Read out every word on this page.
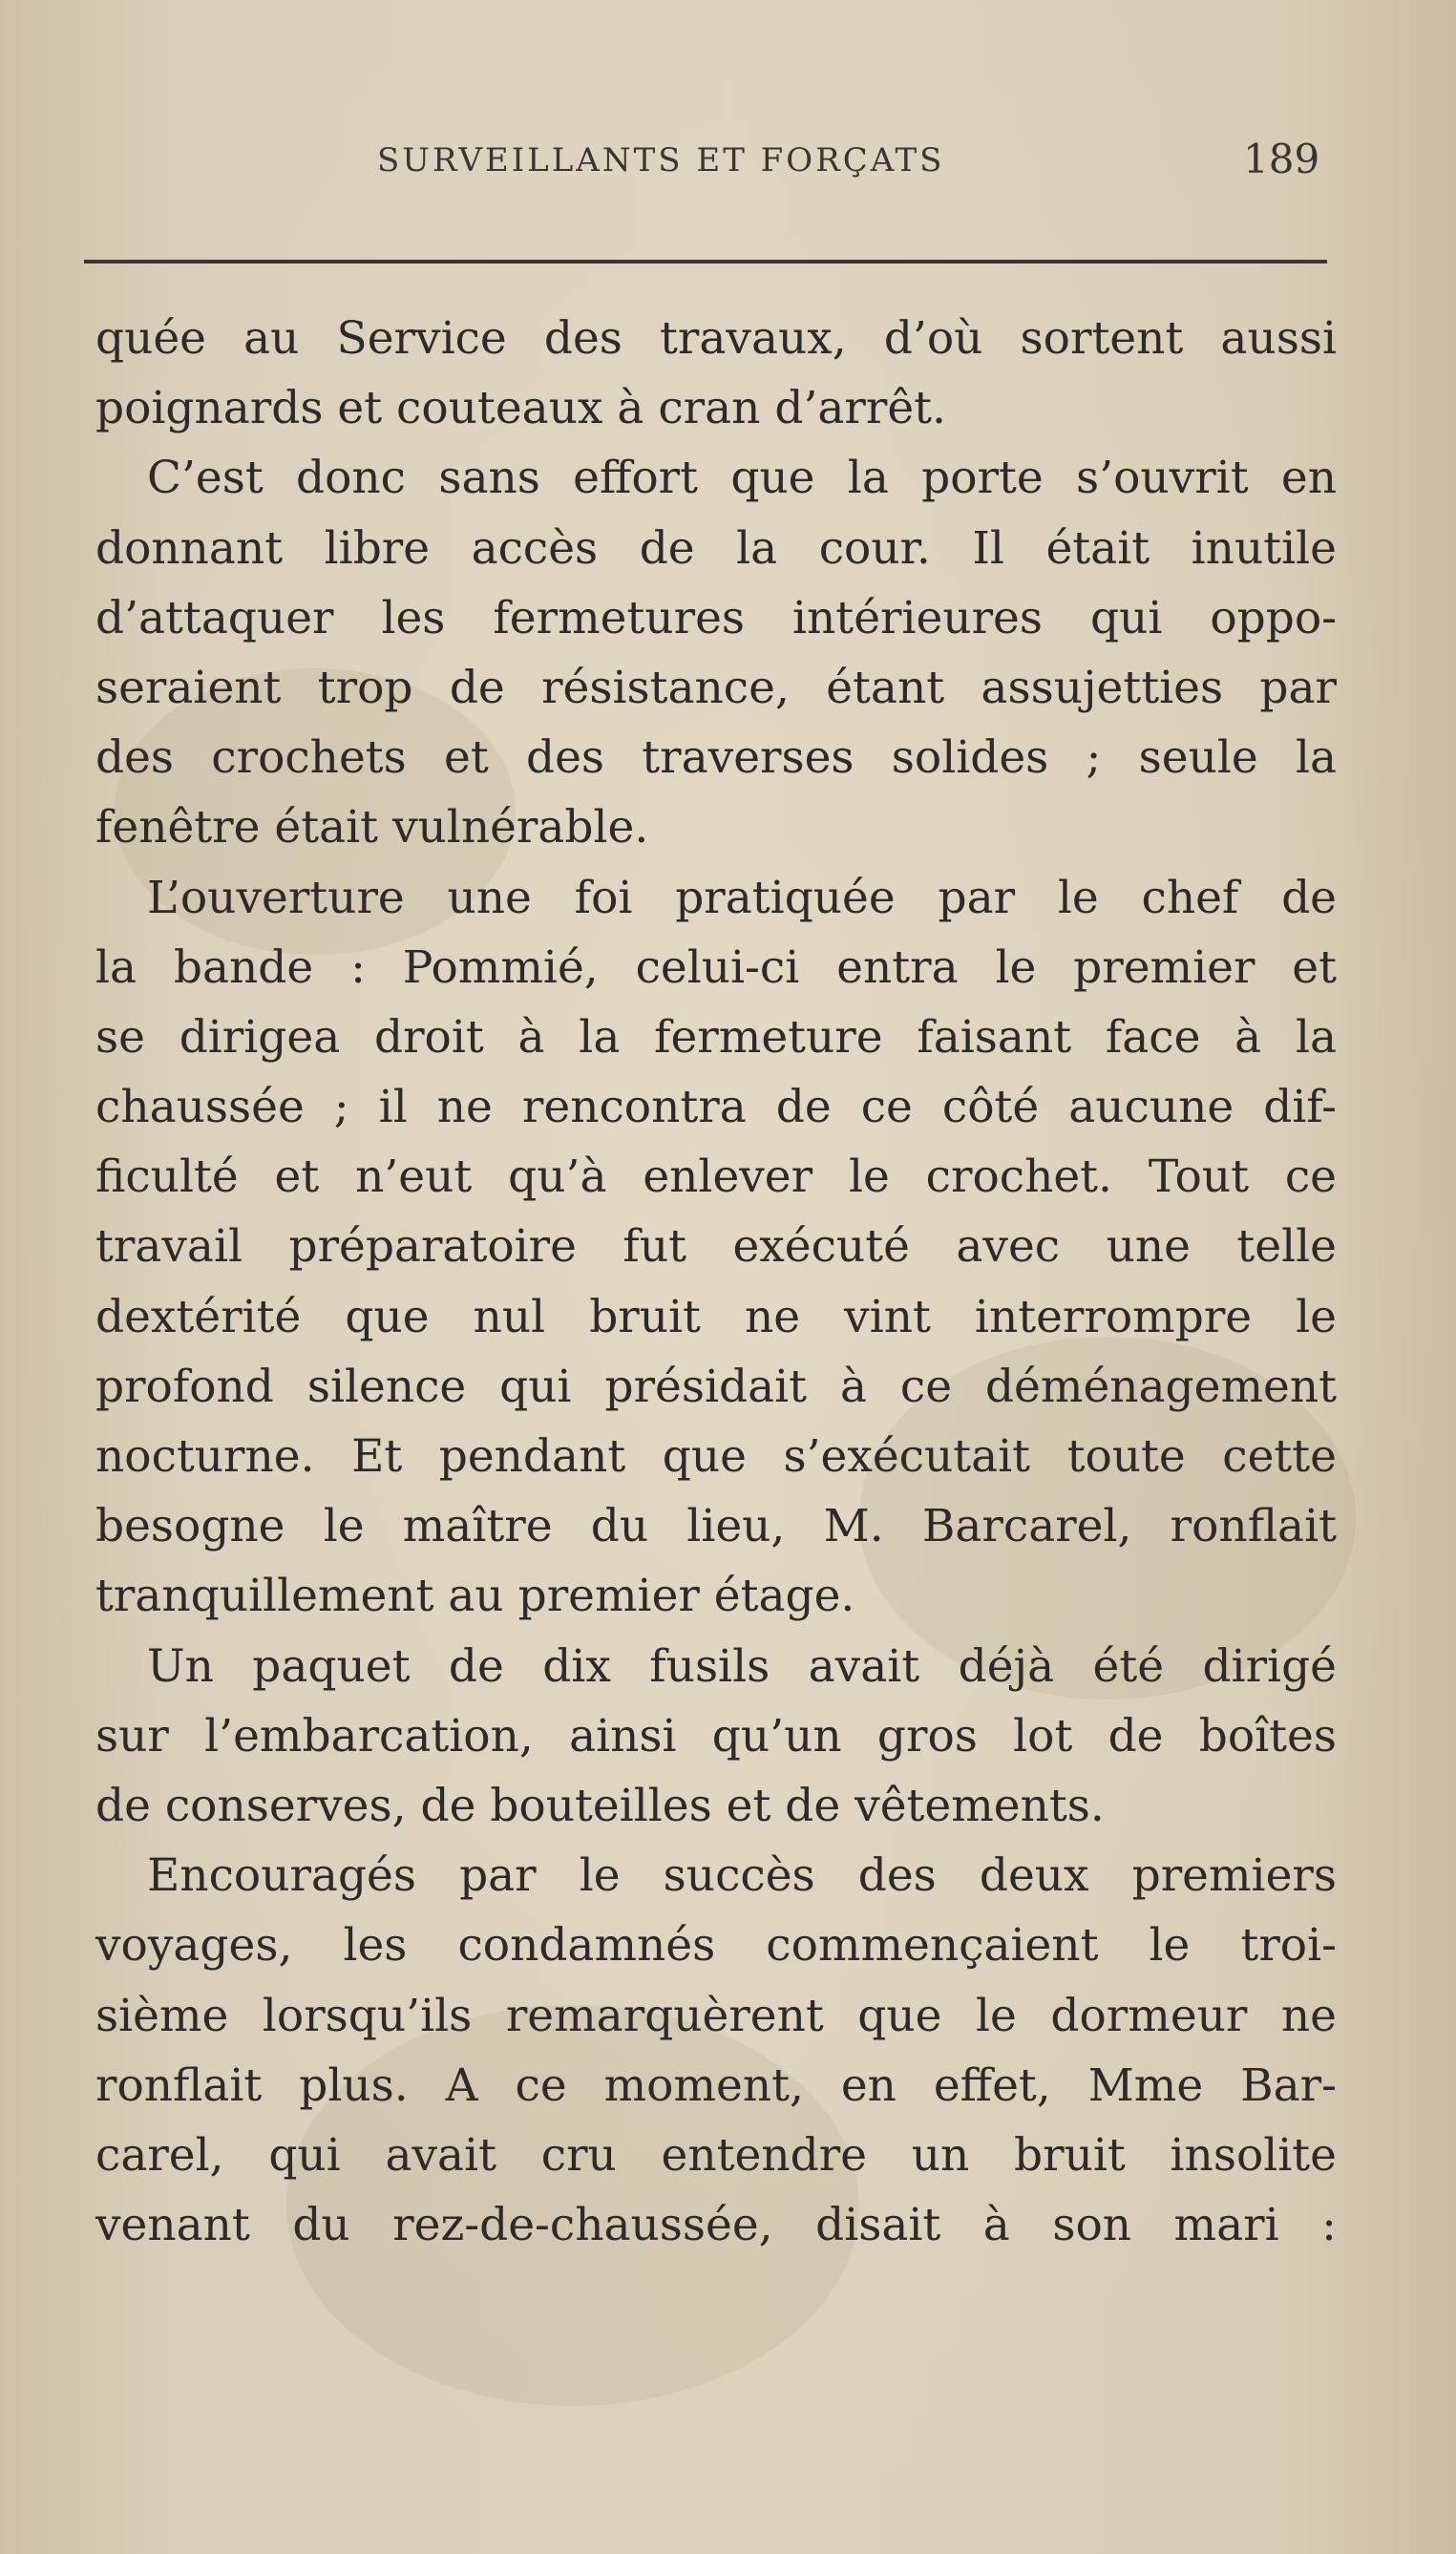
SURVEILLANTS ET FORÇATS	189
quée au Service des travaux, d’où sortent aussi
poignards et couteaux à cran d’arrêt.
C’est donc sans effort que la porte s’ouvrit en
donnant libre accès de la cour. Il était inutile
d’attaquer les fermetures intérieures qui oppo-
seraient trop de résistance, étant assujetties par
des crochets et des traverses solides ; seule la
fenêtre était vulnérable.
L’ouverture une foi pratiquée par le chef de
la bande : Pommié, celui-ci entra le premier et
se dirigea droit à la fermeture faisant face à la
chaussée ; il ne rencontra de ce côté aucune dif-
ficulté et n’eut qu’à enlever le crochet. Tout ce
travail préparatoire fut exécuté avec une telle
dextérité que nul bruit ne vint interrompre le
profond silence qui présidait à ce déménagement
nocturne. Et pendant que s’exécutait toute cette
besogne le maître du lieu, M. Barcarel, ronflait
tranquillement au premier étage.
Un paquet de dix fusils avait déjà été dirigé
sur l’embarcation, ainsi qu’un gros lot de boîtes
de conserves, de bouteilles et de vêtements.
Encouragés par le succès des deux premiers
voyages, les condamnés commençaient le troi-
sième lorsqu’ils remarquèrent que le dormeur ne
ronflait plus. A ce moment, en effet, Mme Bar-
carel, qui avait cru entendre un bruit insolite
venant du rez-de-chaussée, disait à son mari :
